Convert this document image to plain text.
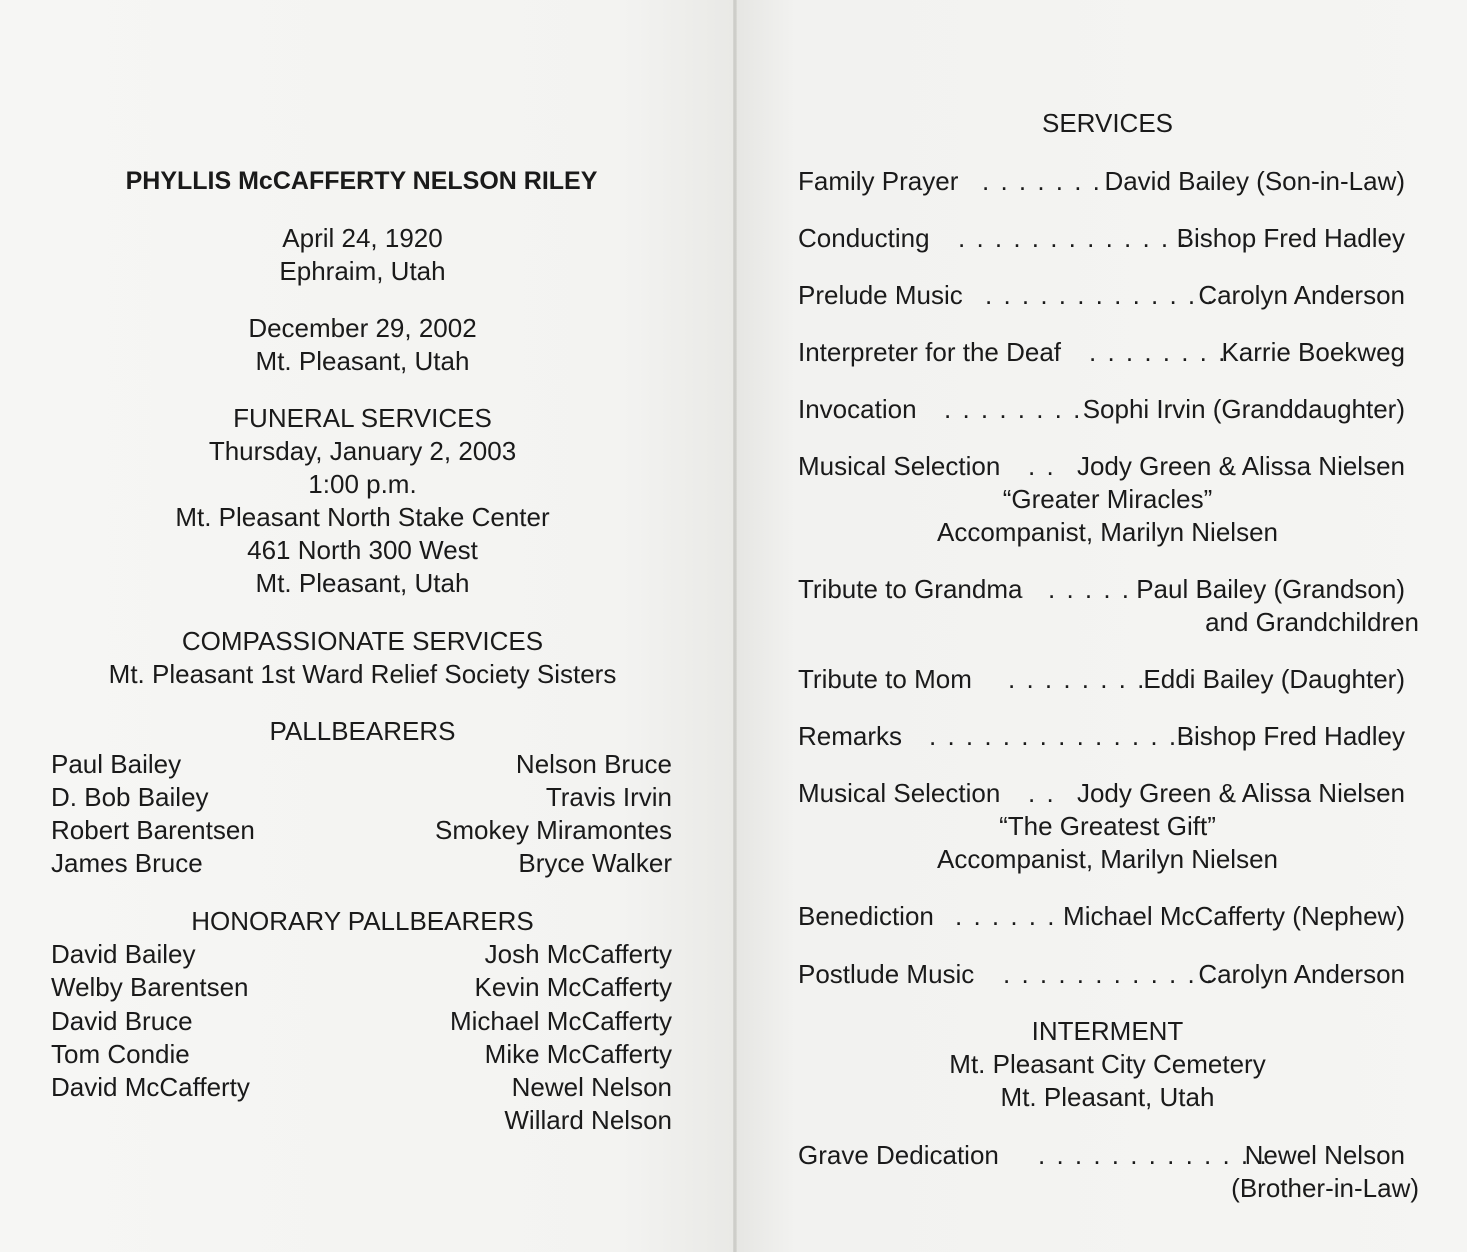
PHYLLIS McCAFFERTY NELSON RILEY
April 24, 1920
Ephraim, Utah
December 29, 2002
Mt. Pleasant, Utah
FUNERAL SERVICES
Thursday, January 2, 2003
1:00 p.m.
Mt. Pleasant North Stake Center
461 North 300 West
Mt. Pleasant, Utah
COMPASSIONATE SERVICES
Mt. Pleasant 1st Ward Relief Society Sisters
PALLBEARERS
Paul Bailey
D. Bob Bailey
Robert Barentsen
James Bruce
Nelson Bruce
Travis Irvin
Smokey Miramontes
Bryce Walker
HONORARY PALLBEARERS
David Bailey
Welby Barentsen
David Bruce
Tom Condie
David McCafferty
Josh McCafferty
Kevin McCafferty
Michael McCafferty
Mike McCafferty
Newel Nelson
Willard Nelson
SERVICES
Family Prayer . . . . . . . David Bailey (Son-in-Law)
Conducting . . . . . . . . . . . . .
Bishop Fred Hadley
Prelude Music . . . . . . . . . . . . .
Carolyn Anderson
Interpreter for the Deaf . . . . . . . .
Karrie Boekweg
Invocation . . . . . . . . Sophi Irvin (Granddaughter)
Musical Selection . . Jody Green & Alissa Nielsen
“Greater Miracles”
Accompanist, Marilyn Nielsen
Tribute to Grandma . . . . . Paul Bailey (Grandson)
and Grandchildren
Tribute to Mom . . . . . . . .
Eddi Bailey (Daughter)
Remarks . . . . . . . . . . . . . . .
Bishop Fred Hadley
Musical Selection . . Jody Green & Alissa Nielsen
“The Greatest Gift”
Accompanist, Marilyn Nielsen
Benediction . . . . . . Michael McCafferty (Nephew)
Postlude Music . . . . . . . . . . . .
Carolyn Anderson
INTERMENT
Mt. Pleasant City Cemetery
Mt. Pleasant, Utah
Grave Dedication . . . . . . . . . . . . .
Newel Nelson
(Brother-in-Law)
